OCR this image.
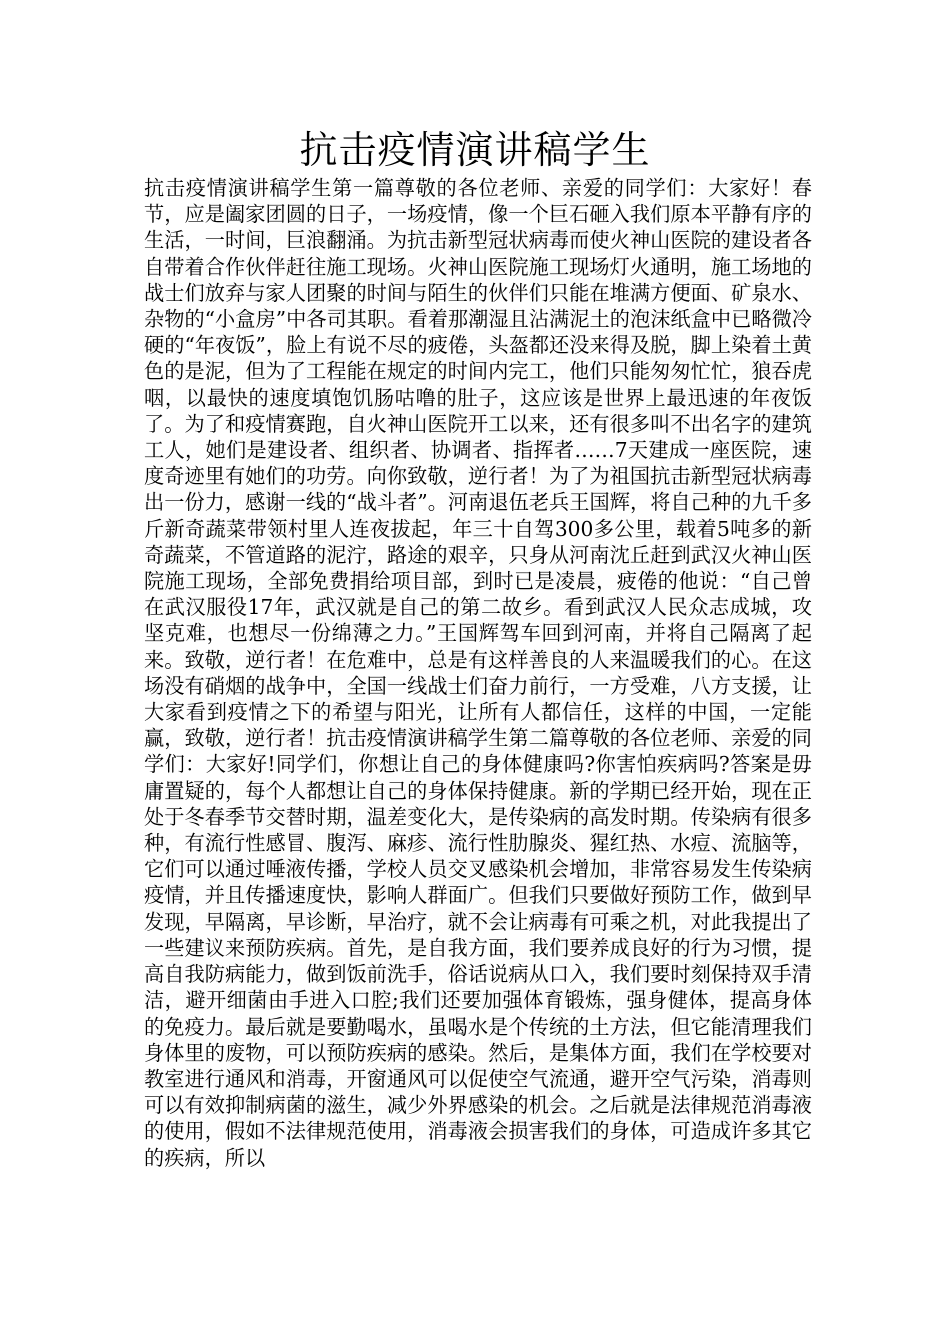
抗击疫情演讲稿学生

抗击疫情演讲稿学生第一篇尊敬的各位老师、亲爱的同学们：大家好！春节，应是阖家团圆的日子，一场疫情，像一个巨石砸入我们原本平静有序的生活，一时间，巨浪翻涌。为抗击新型冠状病毒而使火神山医院的建设者各自带着合作伙伴赶往施工现场。火神山医院施工现场灯火通明，施工场地的战士们放弃与家人团聚的时间与陌生的伙伴们只能在堆满方便面、矿泉水、杂物的“小盒房”中各司其职。看着那潮湿且沾满泥土的泡沫纸盒中已略微冷硬的“年夜饭”，脸上有说不尽的疲倦，头盔都还没来得及脱，脚上染着土黄色的是泥，但为了工程能在规定的时间内完工，他们只能匆匆忙忙，狼吞虎咽，以最快的速度填饱饥肠咕噜的肚子，这应该是世界上最迅速的年夜饭了。为了和疫情赛跑，自火神山医院开工以来，还有很多叫不出名字的建筑工人，她们是建设者、组织者、协调者、指挥者……7天建成一座医院，速度奇迹里有她们的功劳。向你致敬，逆行者！为了为祖国抗击新型冠状病毒出一份力，感谢一线的“战斗者”。河南退伍老兵王国辉，将自己种的九千多斤新奇蔬菜带领村里人连夜拔起，年三十自驾300多公里，载着5吨多的新奇蔬菜，不管道路的泥泞，路途的艰辛，只身从河南沈丘赶到武汉火神山医院施工现场，全部免费捐给项目部，到时已是凌晨，疲倦的他说：“自己曾在武汉服役17年，武汉就是自己的第二故乡。看到武汉人民众志成城，攻坚克难，也想尽一份绵薄之力。”王国辉驾车回到河南，并将自己隔离了起来。致敬，逆行者！在危难中，总是有这样善良的人来温暖我们的心。在这场没有硝烟的战争中，全国一线战士们奋力前行，一方受难，八方支援，让大家看到疫情之下的希望与阳光，让所有人都信任，这样的中国，一定能赢，致敬，逆行者！抗击疫情演讲稿学生第二篇尊敬的各位老师、亲爱的同学们：大家好!同学们，你想让自己的身体健康吗?你害怕疾病吗?答案是毋庸置疑的，每个人都想让自己的身体保持健康。新的学期已经开始，现在正处于冬春季节交替时期，温差变化大，是传染病的高发时期。传染病有很多种，有流行性感冒、腹泻、麻疹、流行性肋腺炎、猩红热、水痘、流脑等，它们可以通过唾液传播，学校人员交叉感染机会增加，非常容易发生传染病疫情，并且传播速度快，影响人群面广。但我们只要做好预防工作，做到早发现，早隔离，早诊断，早治疗，就不会让病毒有可乘之机，对此我提出了一些建议来预防疾病。首先，是自我方面，我们要养成良好的行为习惯，提高自我防病能力，做到饭前洗手，俗话说病从口入，我们要时刻保持双手清洁，避开细菌由手进入口腔;我们还要加强体育锻炼，强身健体，提高身体的免疫力。最后就是要勤喝水，虽喝水是个传统的土方法，但它能清理我们身体里的废物，可以预防疾病的感染。然后，是集体方面，我们在学校要对教室进行通风和消毒，开窗通风可以促使空气流通，避开空气污染，消毒则可以有效抑制病菌的滋生，减少外界感染的机会。之后就是法律规范消毒液的使用，假如不法律规范使用，消毒液会损害我们的身体，可造成许多其它的疾病，所以
